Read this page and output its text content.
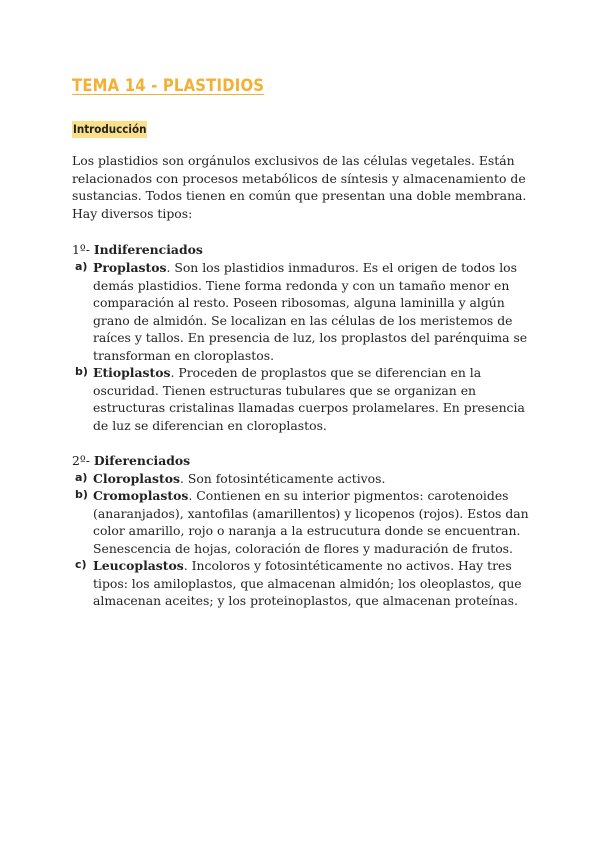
TEMA 14 - PLASTIDIOS
Introducción
Los plastidios son orgánulos exclusivos de las células vegetales. Están relacionados con procesos metabólicos de síntesis y almacenamiento de sustancias. Todos tienen en común que presentan una doble membrana. Hay diversos tipos:
1º- Indiferenciados
a) Proplastos. Son los plastidios inmaduros. Es el origen de todos los demás plastidios. Tiene forma redonda y con un tamaño menor en comparación al resto. Poseen ribosomas, alguna laminilla y algún grano de almidón. Se localizan en las células de los meristemos de raíces y tallos. En presencia de luz, los proplastos del parénquima se transforman en cloroplastos.
b) Etioplastos. Proceden de proplastos que se diferencian en la oscuridad. Tienen estructuras tubulares que se organizan en estructuras cristalinas llamadas cuerpos prolamelares. En presencia de luz se diferencian en cloroplastos.
2º- Diferenciados
a) Cloroplastos. Son fotosintéticamente activos.
b) Cromoplastos. Contienen en su interior pigmentos: carotenoides (anaranjados), xantofilas (amarillentos) y licopenos (rojos). Estos dan color amarillo, rojo o naranja a la estrucutura donde se encuentran. Senescencia de hojas, coloración de flores y maduración de frutos.
c) Leucoplastos. Incoloros y fotosintéticamente no activos. Hay tres tipos: los amiloplastos, que almacenan almidón; los oleoplastos, que almacenan aceites; y los proteinoplastos, que almacenan proteínas.
